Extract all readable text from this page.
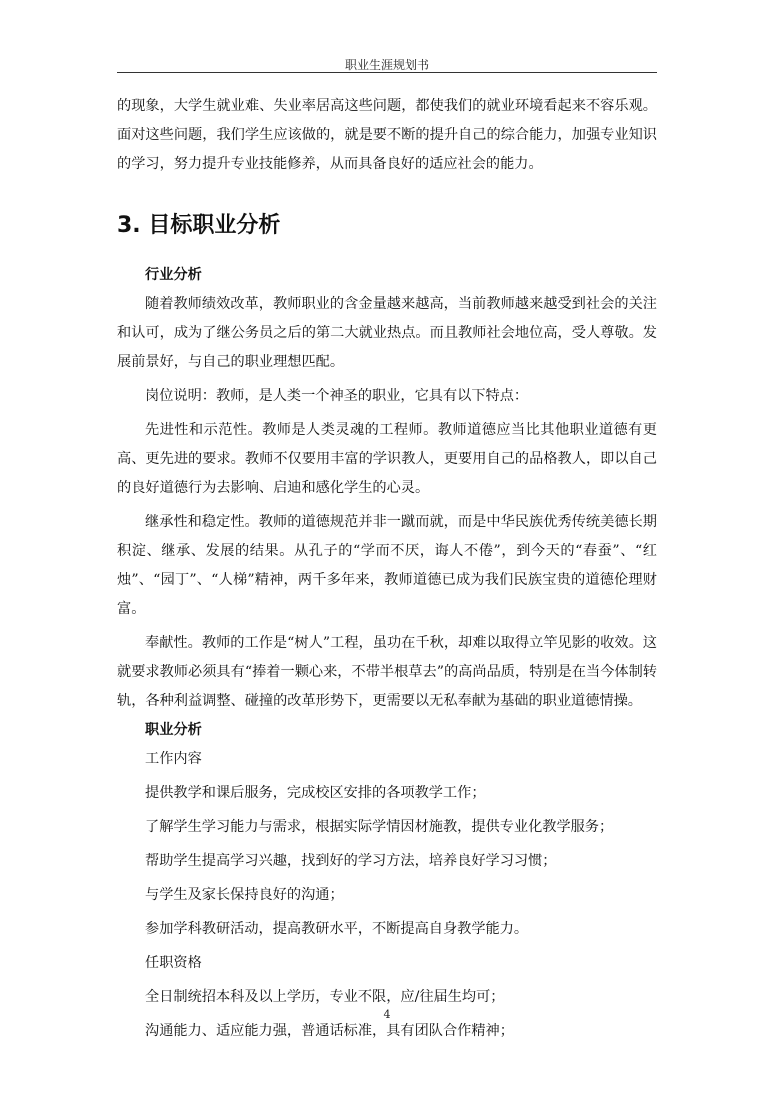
职业生涯规划书

的现象，大学生就业难、失业率居高这些问题，都使我们的就业环境看起来不容乐观。面对这些问题，我们学生应该做的，就是要不断的提升自己的综合能力，加强专业知识的学习，努力提升专业技能修养，从而具备良好的适应社会的能力。

3. 目标职业分析
行业分析

随着教师绩效改革，教师职业的含金量越来越高，当前教师越来越受到社会的关注和认可，成为了继公务员之后的第二大就业热点。而且教师社会地位高，受人尊敬。发展前景好，与自己的职业理想匹配。

岗位说明：教师，是人类一个神圣的职业，它具有以下特点：

先进性和示范性。教师是人类灵魂的工程师。教师道德应当比其他职业道德有更高、更先进的要求。教师不仅要用丰富的学识教人，更要用自己的品格教人，即以自己的良好道德行为去影响、启迪和感化学生的心灵。

继承性和稳定性。教师的道德规范并非一蹴而就，而是中华民族优秀传统美德长期积淀、继承、发展的结果。从孔子的“学而不厌，诲人不倦”，到今天的“春蚕”、“红烛”、“园丁”、“人梯”精神，两千多年来，教师道德已成为我们民族宝贵的道德伦理财富。

奉献性。教师的工作是“树人”工程，虽功在千秋，却难以取得立竿见影的收效。这就要求教师必须具有“捧着一颗心来，不带半根草去”的高尚品质，特别是在当今体制转轨，各种利益调整、碰撞的改革形势下，更需要以无私奉献为基础的职业道德情操。

职业分析

工作内容

提供教学和课后服务，完成校区安排的各项教学工作；

了解学生学习能力与需求，根据实际学情因材施教，提供专业化教学服务；

帮助学生提高学习兴趣，找到好的学习方法，培养良好学习习惯；

与学生及家长保持良好的沟通；

参加学科教研活动，提高教研水平，不断提高自身教学能力。

任职资格

全日制统招本科及以上学历，专业不限，应/往届生均可；

沟通能力、适应能力强，普通话标准，具有团队合作精神；

4
